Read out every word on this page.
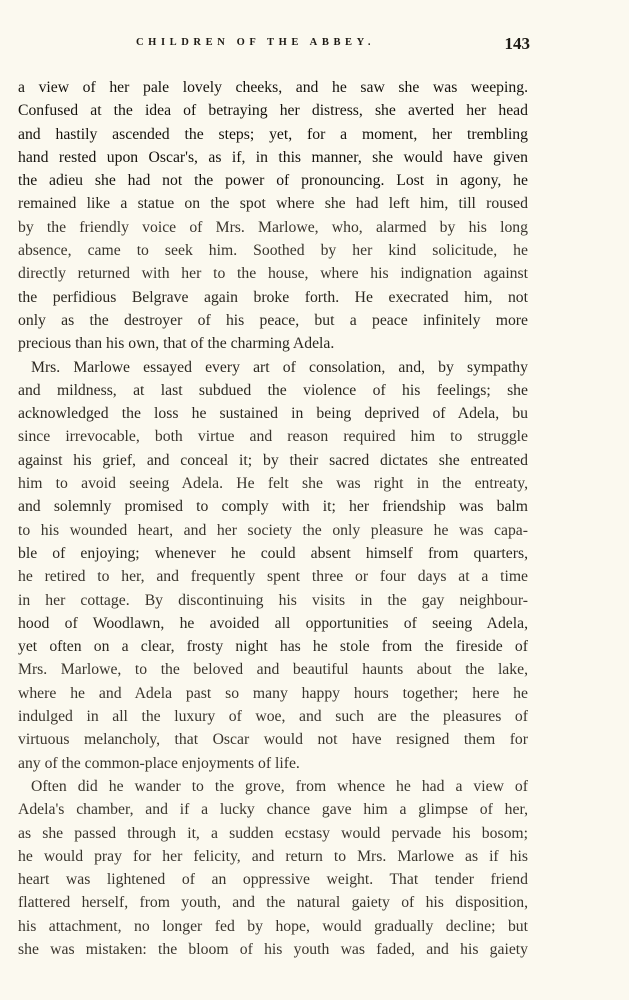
CHILDREN OF THE ABBEY.	143
a view of her pale lovely cheeks, and he saw she was weeping.
Confused at the idea of betraying her distress, she averted her head
and hastily ascended the steps; yet, for a moment, her trembling
hand rested upon Oscar's, as if, in this manner, she would have given
the adieu she had not the power of pronouncing. Lost in agony, he
remained like a statue on the spot where she had left him, till roused
by the friendly voice of Mrs. Marlowe, who, alarmed by his long
absence, came to seek him. Soothed by her kind solicitude, he
directly returned with her to the house, where his indignation against
the perfidious Belgrave again broke forth. He execrated him, not
only as the destroyer of his peace, but a peace infinitely more
precious than his own, that of the charming Adela.
Mrs. Marlowe essayed every art of consolation, and, by sympathy
and mildness, at last subdued the violence of his feelings; she
acknowledged the loss he sustained in being deprived of Adela, bu
since irrevocable, both virtue and reason required him to struggle
against his grief, and conceal it; by their sacred dictates she entreated
him to avoid seeing Adela. He felt she was right in the entreaty,
and solemnly promised to comply with it; her friendship was balm
to his wounded heart, and her society the only pleasure he was capa-
ble of enjoying; whenever he could absent himself from quarters,
he retired to her, and frequently spent three or four days at a time
in her cottage. By discontinuing his visits in the gay neighbour-
hood of Woodlawn, he avoided all opportunities of seeing Adela,
yet often on a clear, frosty night has he stole from the fireside of
Mrs. Marlowe, to the beloved and beautiful haunts about the lake,
where he and Adela past so many happy hours together; here he
indulged in all the luxury of woe, and such are the pleasures of
virtuous melancholy, that Oscar would not have resigned them for
any of the common-place enjoyments of life.
Often did he wander to the grove, from whence he had a view of
Adela's chamber, and if a lucky chance gave him a glimpse of her,
as she passed through it, a sudden ecstasy would pervade his bosom;
he would pray for her felicity, and return to Mrs. Marlowe as if his
heart was lightened of an oppressive weight. That tender friend
flattered herself, from youth, and the natural gaiety of his disposition,
his attachment, no longer fed by hope, would gradually decline; but
she was mistaken: the bloom of his youth was faded, and his gaiety
